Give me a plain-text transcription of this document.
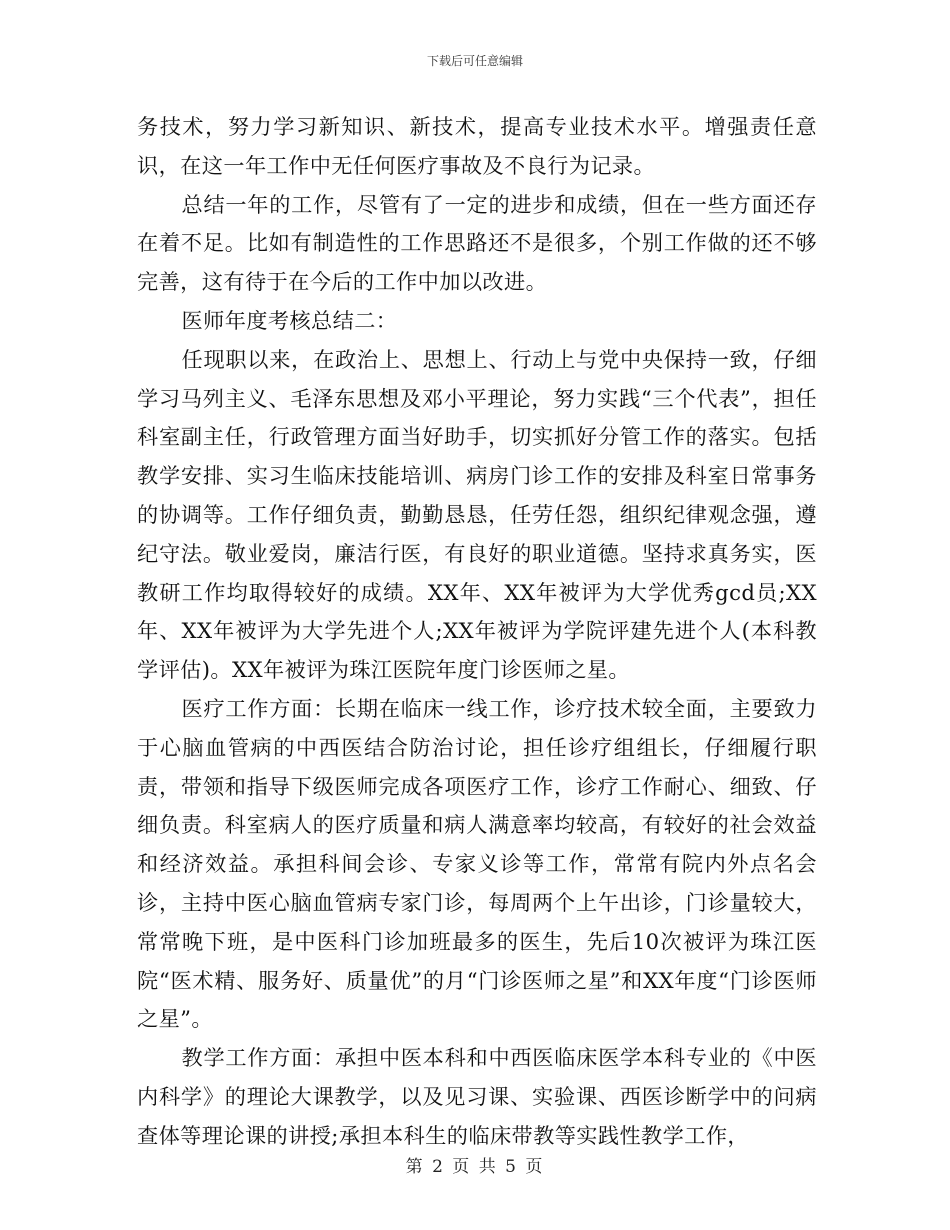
下载后可任意编辑

务技术，努力学习新知识、新技术，提高专业技术水平。增强责任意识，在这一年工作中无任何医疗事故及不良行为记录。

总结一年的工作，尽管有了一定的进步和成绩，但在一些方面还存在着不足。比如有制造性的工作思路还不是很多，个别工作做的还不够完善，这有待于在今后的工作中加以改进。

医师年度考核总结二：

任现职以来，在政治上、思想上、行动上与党中央保持一致，仔细学习马列主义、毛泽东思想及邓小平理论，努力实践“三个代表”，担任科室副主任，行政管理方面当好助手，切实抓好分管工作的落实。包括教学安排、实习生临床技能培训、病房门诊工作的安排及科室日常事务的协调等。工作仔细负责，勤勤恳恳，任劳任怨，组织纪律观念强，遵纪守法。敬业爱岗，廉洁行医，有良好的职业道德。坚持求真务实，医教研工作均取得较好的成绩。XX年、XX年被评为大学优秀gcd员;XX年、XX年被评为大学先进个人;XX年被评为学院评建先进个人(本科教学评估)。XX年被评为珠江医院年度门诊医师之星。

医疗工作方面：长期在临床一线工作，诊疗技术较全面，主要致力于心脑血管病的中西医结合防治讨论，担任诊疗组组长，仔细履行职责，带领和指导下级医师完成各项医疗工作，诊疗工作耐心、细致、仔细负责。科室病人的医疗质量和病人满意率均较高，有较好的社会效益和经济效益。承担科间会诊、专家义诊等工作，常常有院内外点名会诊，主持中医心脑血管病专家门诊，每周两个上午出诊，门诊量较大，常常晚下班，是中医科门诊加班最多的医生，先后10次被评为珠江医院“医术精、服务好、质量优”的月“门诊医师之星”和XX年度“门诊医师之星”。

教学工作方面：承担中医本科和中西医临床医学本科专业的《中医内科学》的理论大课教学，以及见习课、实验课、西医诊断学中的问病查体等理论课的讲授;承担本科生的临床带教等实践性教学工作，

第 2 页 共 5 页
